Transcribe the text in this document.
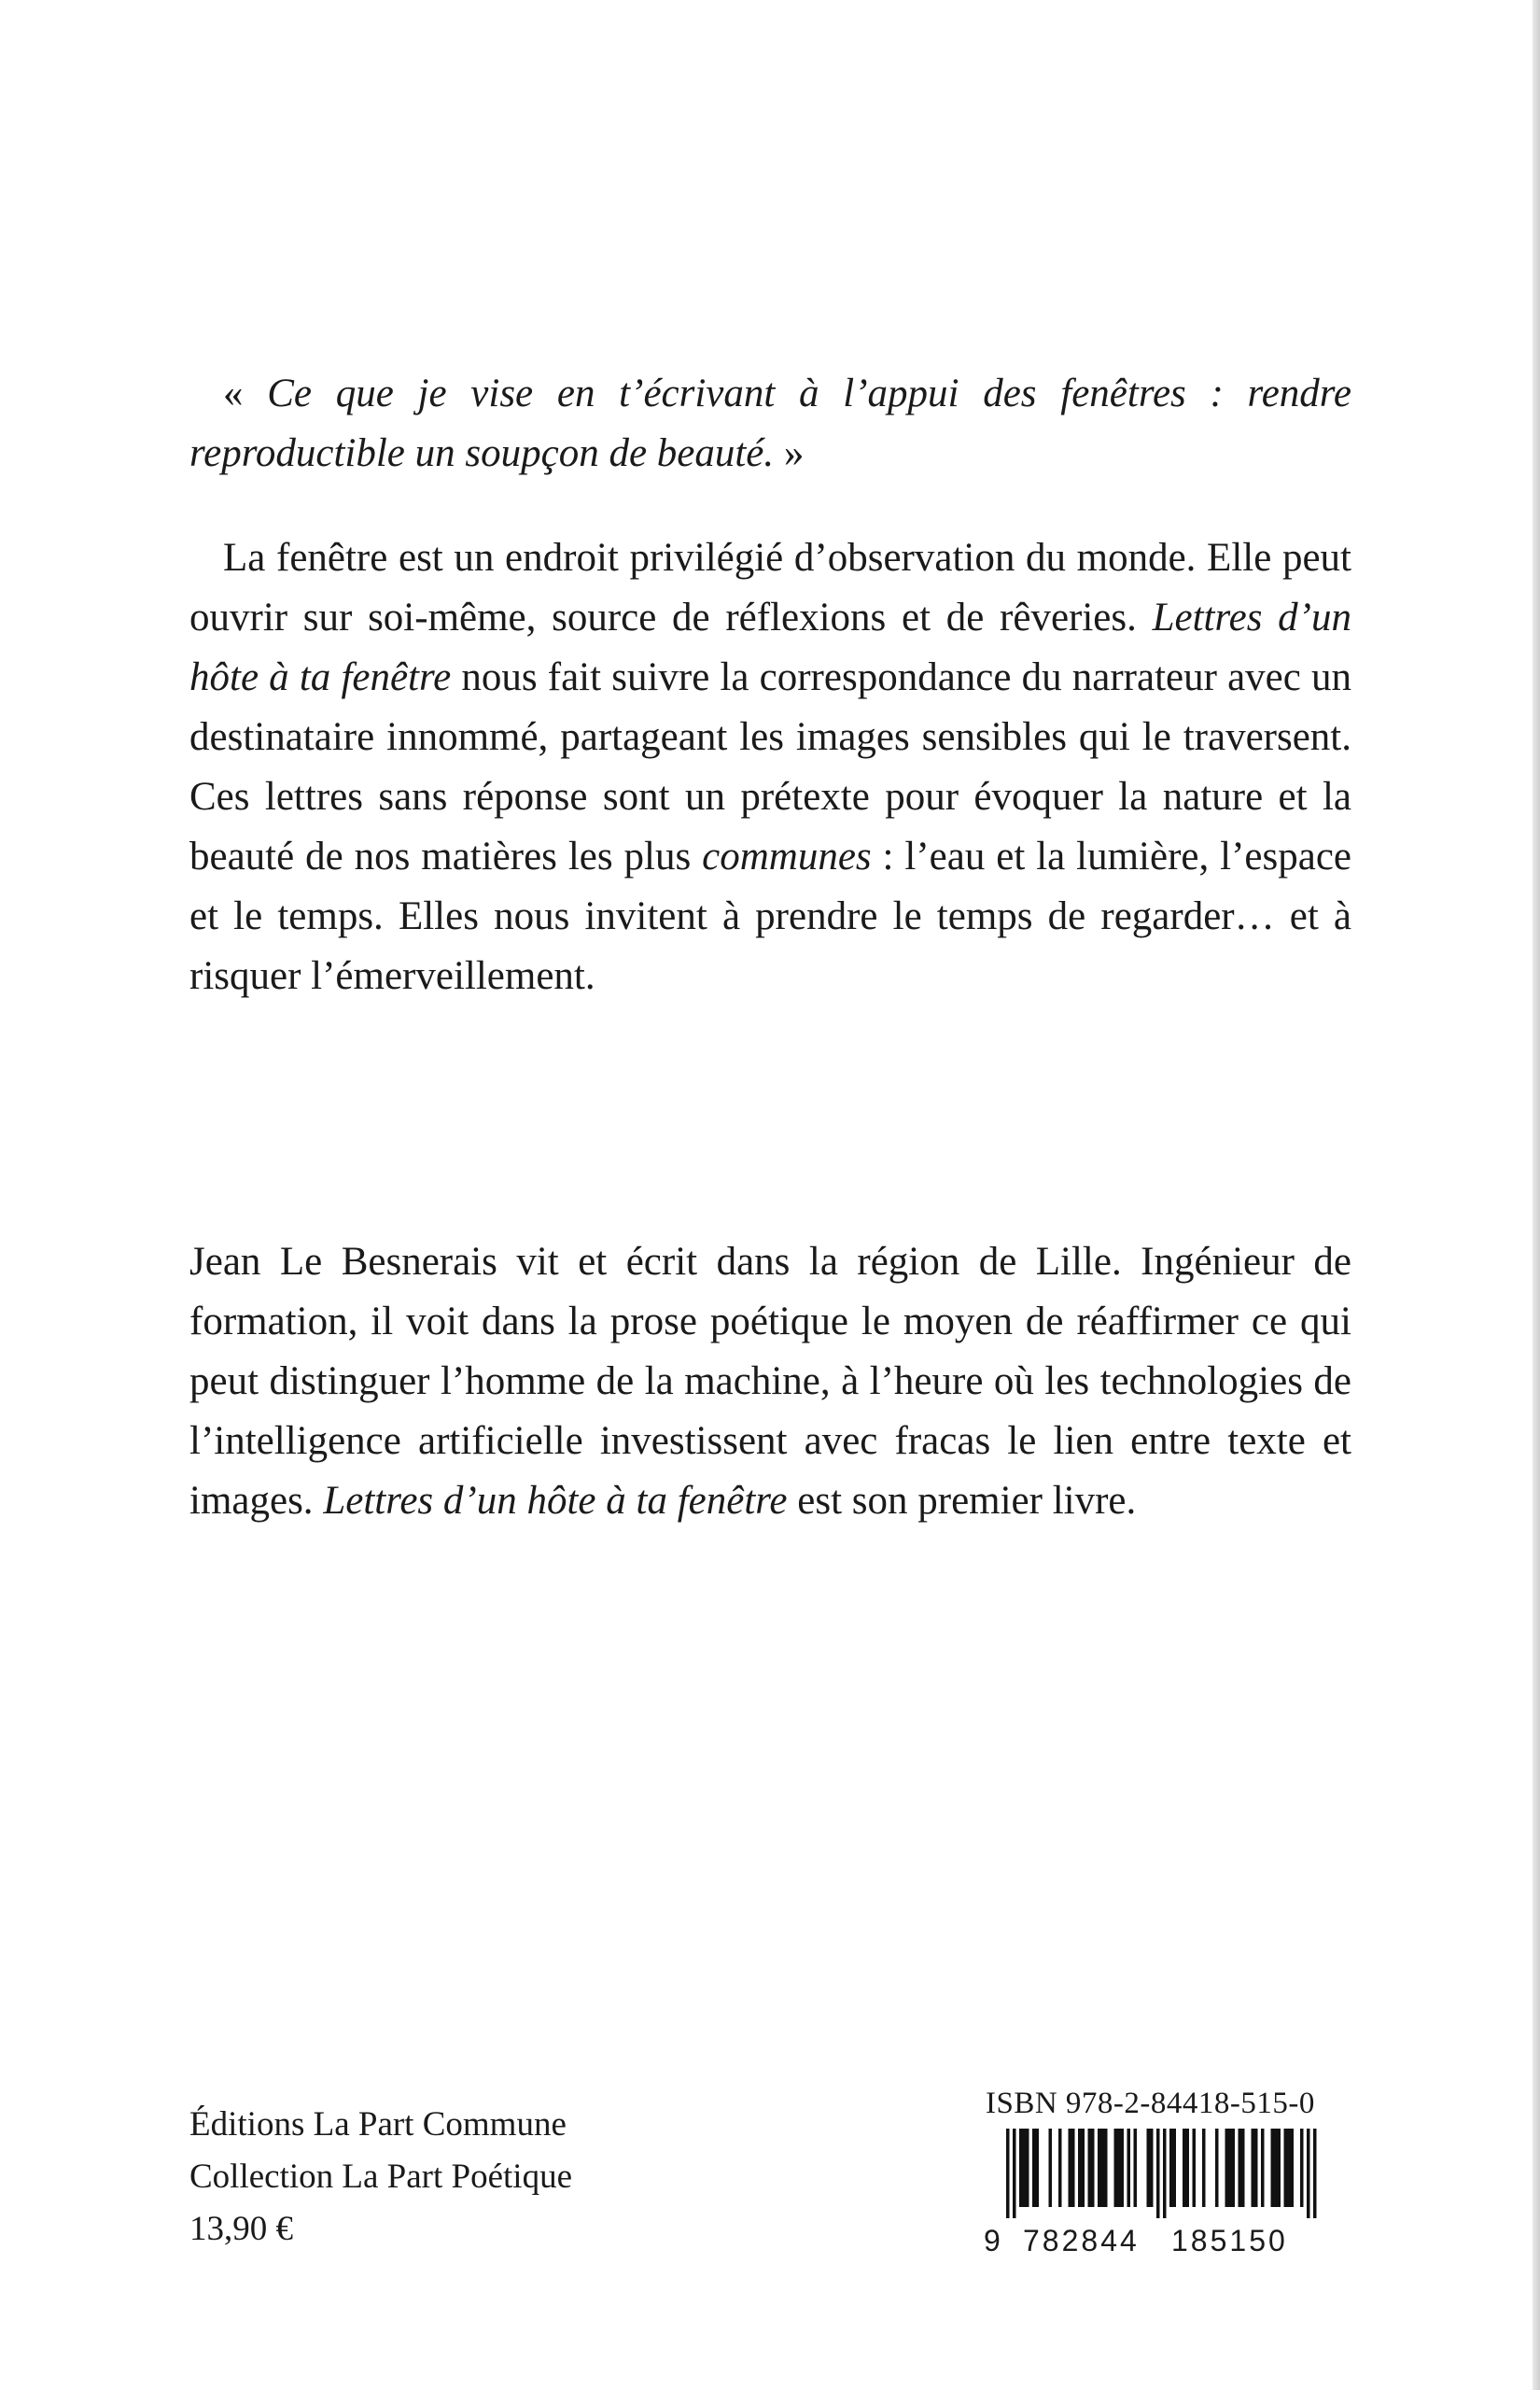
« Ce que je vise en t’écrivant à l’appui des fenêtres : rendre reproductible un soupçon de beauté. »

La fenêtre est un endroit privilégié d’observation du monde. Elle peut ouvrir sur soi-même, source de réflexions et de rêveries. Lettres d’un hôte à ta fenêtre nous fait suivre la correspondance du narrateur avec un destinataire innommé, partageant les images sensibles qui le traversent. Ces lettres sans réponse sont un prétexte pour évoquer la nature et la beauté de nos matières les plus communes : l’eau et la lumière, l’espace et le temps. Elles nous invitent à prendre le temps de regarder… et à risquer l’émerveillement.

Jean Le Besnerais vit et écrit dans la région de Lille. Ingénieur de formation, il voit dans la prose poétique le moyen de réaffirmer ce qui peut distinguer l’homme de la machine, à l’heure où les technologies de l’intelligence artificielle investissent avec fracas le lien entre texte et images. Lettres d’un hôte à ta fenêtre est son premier livre.

Éditions La Part Commune
Collection La Part Poétique
13,90 €
ISBN 978-2-84418-515-0
9 782844 185150
